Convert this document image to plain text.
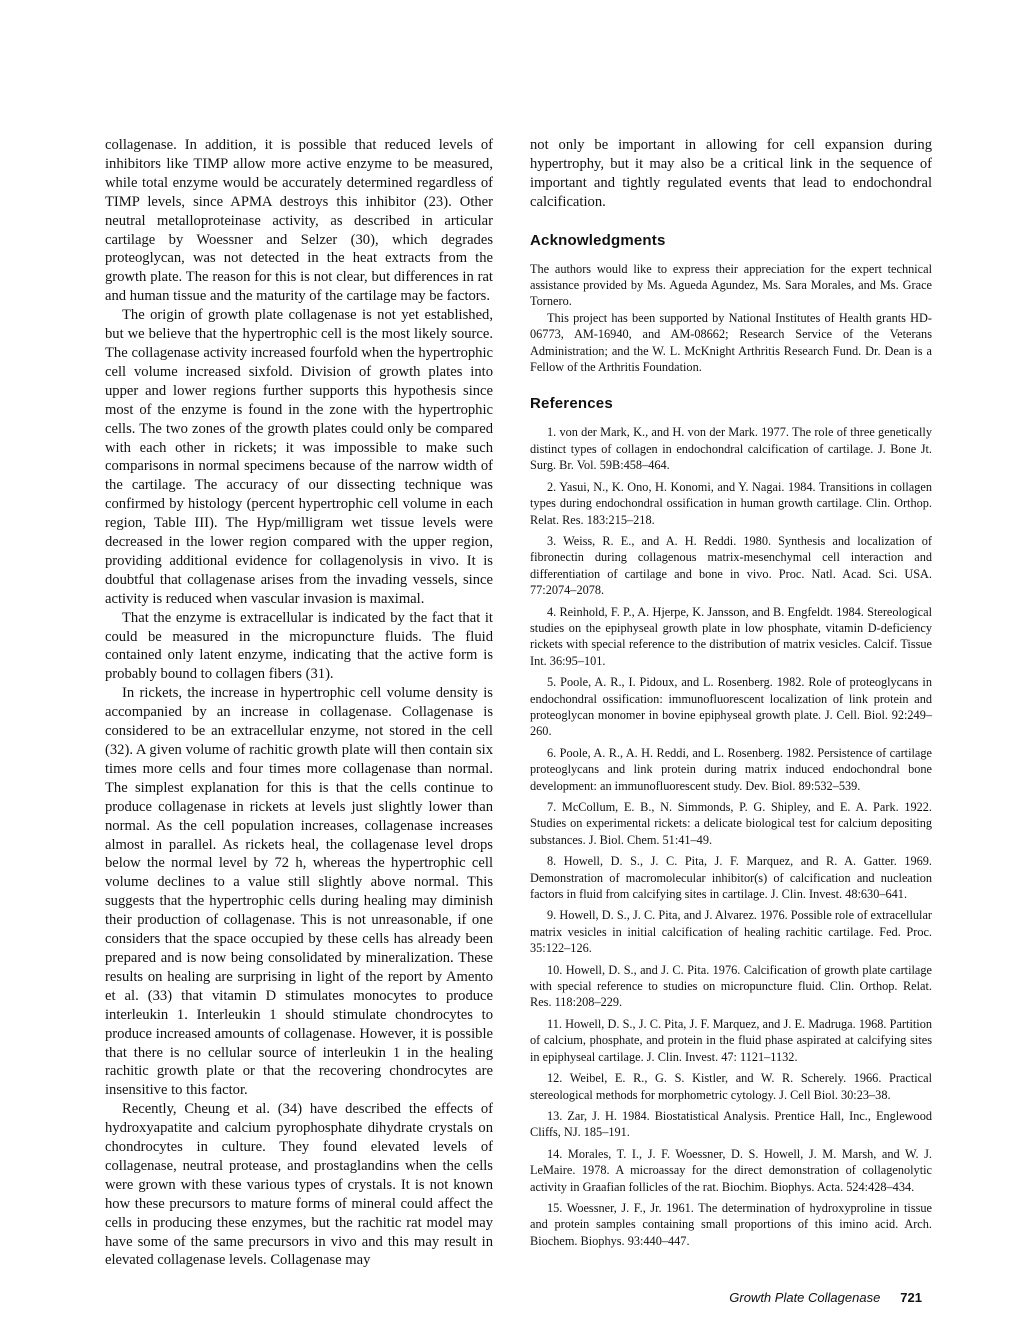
collagenase. In addition, it is possible that reduced levels of inhibitors like TIMP allow more active enzyme to be measured, while total enzyme would be accurately determined regardless of TIMP levels, since APMA destroys this inhibitor (23). Other neutral metalloproteinase activity, as described in articular cartilage by Woessner and Selzer (30), which degrades proteoglycan, was not detected in the heat extracts from the growth plate. The reason for this is not clear, but differences in rat and human tissue and the maturity of the cartilage may be factors.

The origin of growth plate collagenase is not yet established, but we believe that the hypertrophic cell is the most likely source. The collagenase activity increased fourfold when the hypertrophic cell volume increased sixfold. Division of growth plates into upper and lower regions further supports this hypothesis since most of the enzyme is found in the zone with the hypertrophic cells. The two zones of the growth plates could only be compared with each other in rickets; it was impossible to make such comparisons in normal specimens because of the narrow width of the cartilage. The accuracy of our dissecting technique was confirmed by histology (percent hypertrophic cell volume in each region, Table III). The Hyp/milligram wet tissue levels were decreased in the lower region compared with the upper region, providing additional evidence for collagenolysis in vivo. It is doubtful that collagenase arises from the invading vessels, since activity is reduced when vascular invasion is maximal.

That the enzyme is extracellular is indicated by the fact that it could be measured in the micropuncture fluids. The fluid contained only latent enzyme, indicating that the active form is probably bound to collagen fibers (31).

In rickets, the increase in hypertrophic cell volume density is accompanied by an increase in collagenase. Collagenase is considered to be an extracellular enzyme, not stored in the cell (32). A given volume of rachitic growth plate will then contain six times more cells and four times more collagenase than normal. The simplest explanation for this is that the cells continue to produce collagenase in rickets at levels just slightly lower than normal. As the cell population increases, collagenase increases almost in parallel. As rickets heal, the collagenase level drops below the normal level by 72 h, whereas the hypertrophic cell volume declines to a value still slightly above normal. This suggests that the hypertrophic cells during healing may diminish their production of collagenase. This is not unreasonable, if one considers that the space occupied by these cells has already been prepared and is now being consolidated by mineralization. These results on healing are surprising in light of the report by Amento et al. (33) that vitamin D stimulates monocytes to produce interleukin 1. Interleukin 1 should stimulate chondrocytes to produce increased amounts of collagenase. However, it is possible that there is no cellular source of interleukin 1 in the healing rachitic growth plate or that the recovering chondrocytes are insensitive to this factor.

Recently, Cheung et al. (34) have described the effects of hydroxyapatite and calcium pyrophosphate dihydrate crystals on chondrocytes in culture. They found elevated levels of collagenase, neutral protease, and prostaglandins when the cells were grown with these various types of crystals. It is not known how these precursors to mature forms of mineral could affect the cells in producing these enzymes, but the rachitic rat model may have some of the same precursors in vivo and this may result in elevated collagenase levels. Collagenase may

not only be important in allowing for cell expansion during hypertrophy, but it may also be a critical link in the sequence of important and tightly regulated events that lead to endochondral calcification.

Acknowledgments

The authors would like to express their appreciation for the expert technical assistance provided by Ms. Agueda Agundez, Ms. Sara Morales, and Ms. Grace Tornero.

This project has been supported by National Institutes of Health grants HD-06773, AM-16940, and AM-08662; Research Service of the Veterans Administration; and the W. L. McKnight Arthritis Research Fund. Dr. Dean is a Fellow of the Arthritis Foundation.

References
1. von der Mark, K., and H. von der Mark. 1977. The role of three genetically distinct types of collagen in endochondral calcification of cartilage. J. Bone Jt. Surg. Br. Vol. 59B:458–464.
2. Yasui, N., K. Ono, H. Konomi, and Y. Nagai. 1984. Transitions in collagen types during endochondral ossification in human growth cartilage. Clin. Orthop. Relat. Res. 183:215–218.
3. Weiss, R. E., and A. H. Reddi. 1980. Synthesis and localization of fibronectin during collagenous matrix-mesenchymal cell interaction and differentiation of cartilage and bone in vivo. Proc. Natl. Acad. Sci. USA. 77:2074–2078.
4. Reinhold, F. P., A. Hjerpe, K. Jansson, and B. Engfeldt. 1984. Stereological studies on the epiphyseal growth plate in low phosphate, vitamin D-deficiency rickets with special reference to the distribution of matrix vesicles. Calcif. Tissue Int. 36:95–101.
5. Poole, A. R., I. Pidoux, and L. Rosenberg. 1982. Role of proteoglycans in endochondral ossification: immunofluorescent localization of link protein and proteoglycan monomer in bovine epiphyseal growth plate. J. Cell. Biol. 92:249–260.
6. Poole, A. R., A. H. Reddi, and L. Rosenberg. 1982. Persistence of cartilage proteoglycans and link protein during matrix induced endochondral bone development: an immunofluorescent study. Dev. Biol. 89:532–539.
7. McCollum, E. B., N. Simmonds, P. G. Shipley, and E. A. Park. 1922. Studies on experimental rickets: a delicate biological test for calcium depositing substances. J. Biol. Chem. 51:41–49.
8. Howell, D. S., J. C. Pita, J. F. Marquez, and R. A. Gatter. 1969. Demonstration of macromolecular inhibitor(s) of calcification and nucleation factors in fluid from calcifying sites in cartilage. J. Clin. Invest. 48:630–641.
9. Howell, D. S., J. C. Pita, and J. Alvarez. 1976. Possible role of extracellular matrix vesicles in initial calcification of healing rachitic cartilage. Fed. Proc. 35:122–126.
10. Howell, D. S., and J. C. Pita. 1976. Calcification of growth plate cartilage with special reference to studies on micropuncture fluid. Clin. Orthop. Relat. Res. 118:208–229.
11. Howell, D. S., J. C. Pita, J. F. Marquez, and J. E. Madruga. 1968. Partition of calcium, phosphate, and protein in the fluid phase aspirated at calcifying sites in epiphyseal cartilage. J. Clin. Invest. 47: 1121–1132.
12. Weibel, E. R., G. S. Kistler, and W. R. Scherely. 1966. Practical stereological methods for morphometric cytology. J. Cell Biol. 30:23–38.
13. Zar, J. H. 1984. Biostatistical Analysis. Prentice Hall, Inc., Englewood Cliffs, NJ. 185–191.
14. Morales, T. I., J. F. Woessner, D. S. Howell, J. M. Marsh, and W. J. LeMaire. 1978. A microassay for the direct demonstration of collagenolytic activity in Graafian follicles of the rat. Biochim. Biophys. Acta. 524:428–434.
15. Woessner, J. F., Jr. 1961. The determination of hydroxyproline in tissue and protein samples containing small proportions of this imino acid. Arch. Biochem. Biophys. 93:440–447.
Growth Plate Collagenase 721
